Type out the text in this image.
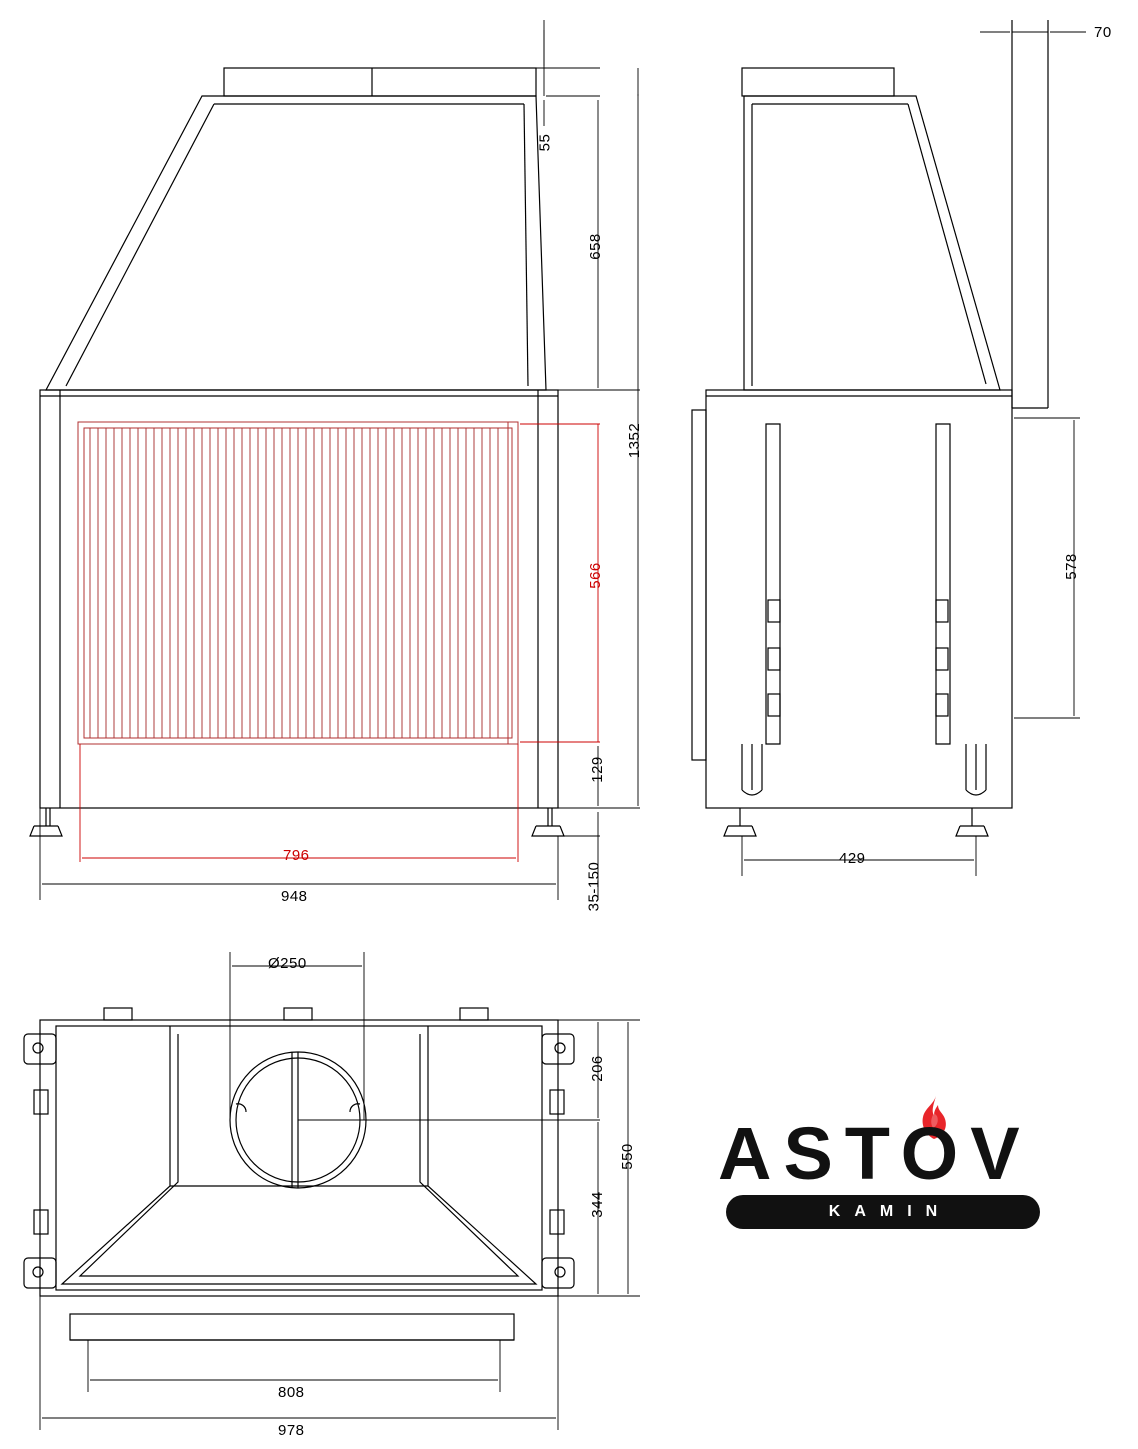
55
658
1352
566
129
35-150
796
948
70
578
429
Ø250
206
550
344
808
978
ASTOV
KAMIN
